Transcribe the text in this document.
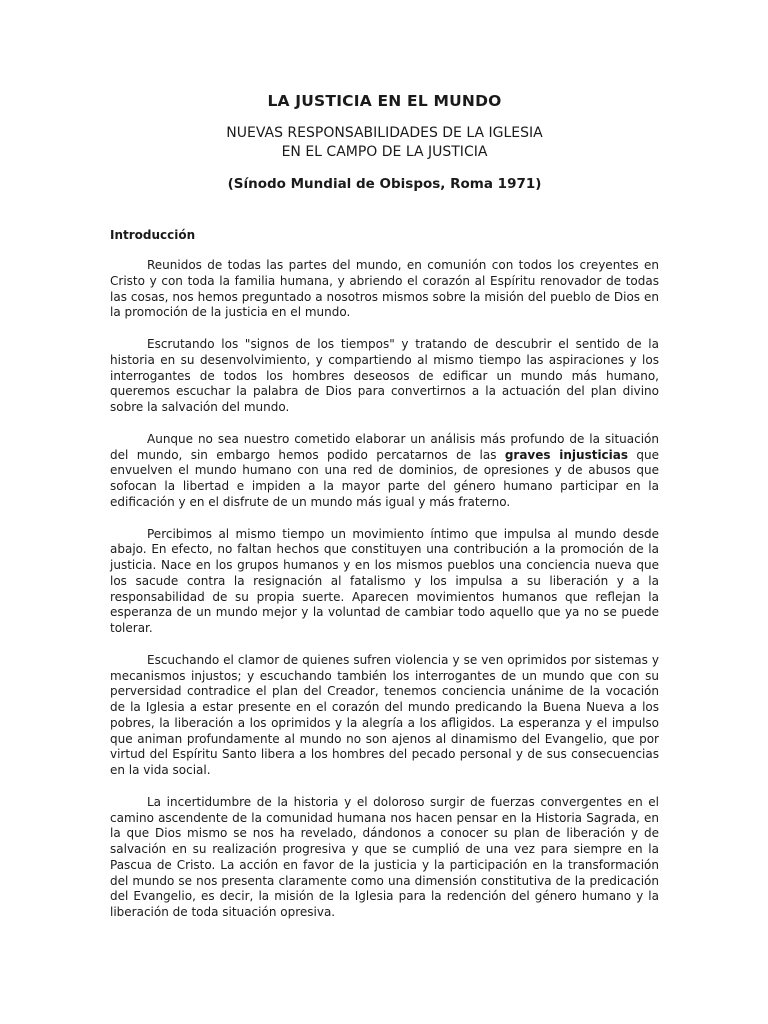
LA JUSTICIA EN EL MUNDO
NUEVAS RESPONSABILIDADES DE LA IGLESIA
EN EL CAMPO DE LA JUSTICIA

(Sínodo Mundial de Obispos, Roma 1971)

Introducción

Reunidos de todas las partes del mundo, en comunión con todos los creyentes en Cristo y con toda la familia humana, y abriendo el corazón al Espíritu renovador de todas las cosas, nos hemos preguntado a nosotros mismos sobre la misión del pueblo de Dios en la promoción de la justicia en el mundo.

Escrutando los "signos de los tiempos" y tratando de descubrir el sentido de la historia en su desenvolvimiento, y compartiendo al mismo tiempo las aspiraciones y los interrogantes de todos los hombres deseosos de edificar un mundo más humano, queremos escuchar la palabra de Dios para convertirnos a la actuación del plan divino sobre la salvación del mundo.

Aunque no sea nuestro cometido elaborar un análisis más profundo de la situación del mundo, sin embargo hemos podido percatarnos de las graves injusticias que envuelven el mundo humano con una red de dominios, de opresiones y de abusos que sofocan la libertad e impiden a la mayor parte del género humano participar en la edificación y en el disfrute de un mundo más igual y más fraterno.

Percibimos al mismo tiempo un movimiento íntimo que impulsa al mundo desde abajo. En efecto, no faltan hechos que constituyen una contribución a la promoción de la justicia. Nace en los grupos humanos y en los mismos pueblos una conciencia nueva que los sacude contra la resignación al fatalismo y los impulsa a su liberación y a la responsabilidad de su propia suerte. Aparecen movimientos humanos que reflejan la esperanza de un mundo mejor y la voluntad de cambiar todo aquello que ya no se puede tolerar.

Escuchando el clamor de quienes sufren violencia y se ven oprimidos por sistemas y mecanismos injustos; y escuchando también los interrogantes de un mundo que con su perversidad contradice el plan del Creador, tenemos conciencia unánime de la vocación de la Iglesia a estar presente en el corazón del mundo predicando la Buena Nueva a los pobres, la liberación a los oprimidos y la alegría a los afligidos. La esperanza y el impulso que animan profundamente al mundo no son ajenos al dinamismo del Evangelio, que por virtud del Espíritu Santo libera a los hombres del pecado personal y de sus consecuencias en la vida social.

La incertidumbre de la historia y el doloroso surgir de fuerzas convergentes en el camino ascendente de la comunidad humana nos hacen pensar en la Historia Sagrada, en la que Dios mismo se nos ha revelado, dándonos a conocer su plan de liberación y de salvación en su realización progresiva y que se cumplió de una vez para siempre en la Pascua de Cristo. La acción en favor de la justicia y la participación en la transformación del mundo se nos presenta claramente como una dimensión constitutiva de la predicación del Evangelio, es decir, la misión de la Iglesia para la redención del género humano y la liberación de toda situación opresiva.
